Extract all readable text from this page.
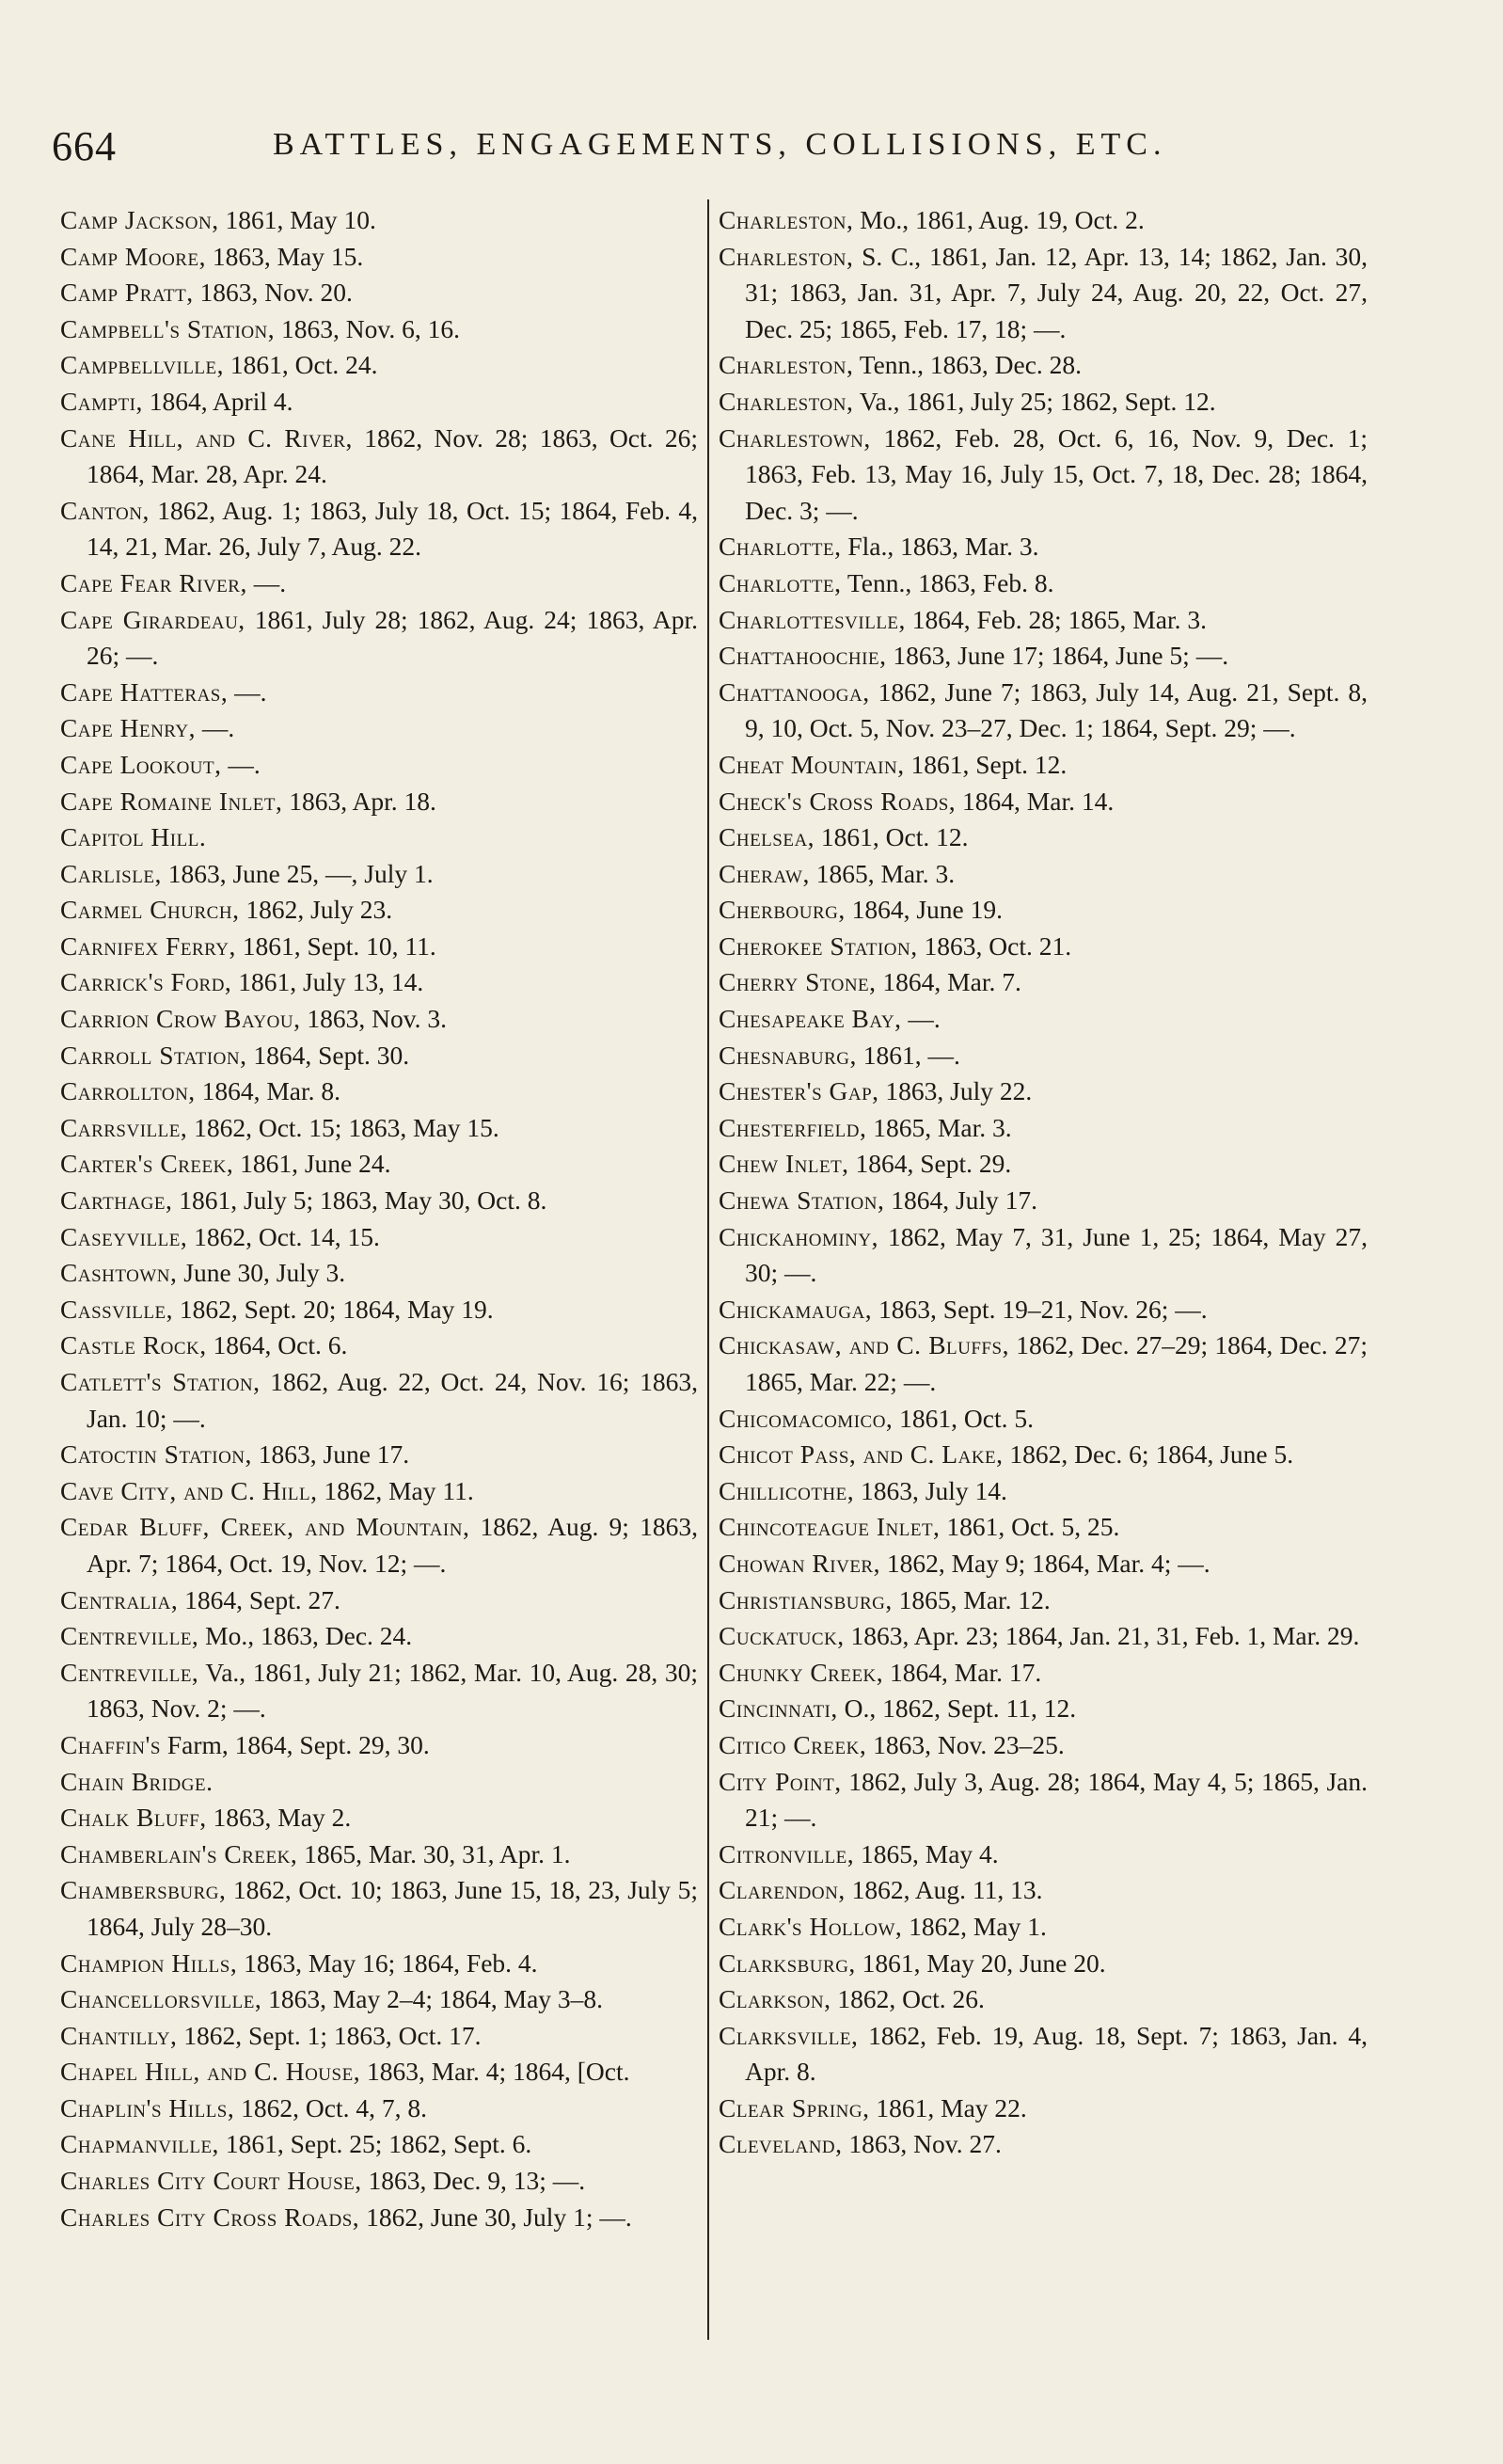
664	BATTLES, ENGAGEMENTS, COLLISIONS, ETC.
Camp Jackson, 1861, May 10.
Camp Moore, 1863, May 15.
Camp Pratt, 1863, Nov. 20.
Campbell's Station, 1863, Nov. 6, 16.
Campbellville, 1861, Oct. 24.
Campti, 1864, April 4.
Cane Hill, and C. River, 1862, Nov. 28; 1863, Oct. 26; 1864, Mar. 28, Apr. 24.
Canton, 1862, Aug. 1; 1863, July 18, Oct. 15; 1864, Feb. 4, 14, 21, Mar. 26, July 7, Aug. 22.
Cape Fear River, —.
Cape Girardeau, 1861, July 28; 1862, Aug. 24; 1863, Apr. 26; —.
Cape Hatteras, —.
Cape Henry, —.
Cape Lookout, —.
Cape Romaine Inlet, 1863, Apr. 18.
Capitol Hill.
Carlisle, 1863, June 25, —, July 1.
Carmel Church, 1862, July 23.
Carnifex Ferry, 1861, Sept. 10, 11.
Carrick's Ford, 1861, July 13, 14.
Carrion Crow Bayou, 1863, Nov. 3.
Carroll Station, 1864, Sept. 30.
Carrollton, 1864, Mar. 8.
Carrsville, 1862, Oct. 15; 1863, May 15.
Carter's Creek, 1861, June 24.
Carthage, 1861, July 5; 1863, May 30, Oct. 8.
Caseyville, 1862, Oct. 14, 15.
Cashtown, June 30, July 3.
Cassville, 1862, Sept. 20; 1864, May 19.
Castle Rock, 1864, Oct. 6.
Catlett's Station, 1862, Aug. 22, Oct. 24, Nov. 16; 1863, Jan. 10; —.
Catoctin Station, 1863, June 17.
Cave City, and C. Hill, 1862, May 11.
Cedar Bluff, Creek, and Mountain, 1862, Aug. 9; 1863, Apr. 7; 1864, Oct. 19, Nov. 12; —.
Centralia, 1864, Sept. 27.
Centreville, Mo., 1863, Dec. 24.
Centreville, Va., 1861, July 21; 1862, Mar. 10, Aug. 28, 30; 1863, Nov. 2; —.
Chaffin's Farm, 1864, Sept. 29, 30.
Chain Bridge.
Chalk Bluff, 1863, May 2.
Chamberlain's Creek, 1865, Mar. 30, 31, Apr. 1.
Chambersburg, 1862, Oct. 10; 1863, June 15, 18, 23, July 5; 1864, July 28–30.
Champion Hills, 1863, May 16; 1864, Feb. 4.
Chancellorsville, 1863, May 2–4; 1864, May 3–8.
Chantilly, 1862, Sept. 1; 1863, Oct. 17.
Chapel Hill, and C. House, 1863, Mar. 4; 1864, [Oct.
Chaplin's Hills, 1862, Oct. 4, 7, 8.
Chapmanville, 1861, Sept. 25; 1862, Sept. 6.
Charles City Court House, 1863, Dec. 9, 13; —.
Charles City Cross Roads, 1862, June 30, July 1; —.
Charleston, Mo., 1861, Aug. 19, Oct. 2.
Charleston, S. C., 1861, Jan. 12, Apr. 13, 14; 1862, Jan. 30, 31; 1863, Jan. 31, Apr. 7, July 24, Aug. 20, 22, Oct. 27, Dec. 25; 1865, Feb. 17, 18; —.
Charleston, Tenn., 1863, Dec. 28.
Charleston, Va., 1861, July 25; 1862, Sept. 12.
Charlestown, 1862, Feb. 28, Oct. 6, 16, Nov. 9, Dec. 1; 1863, Feb. 13, May 16, July 15, Oct. 7, 18, Dec. 28; 1864, Dec. 3; —.
Charlotte, Fla., 1863, Mar. 3.
Charlotte, Tenn., 1863, Feb. 8.
Charlottesville, 1864, Feb. 28; 1865, Mar. 3.
Chattahoochie, 1863, June 17; 1864, June 5; —.
Chattanooga, 1862, June 7; 1863, July 14, Aug. 21, Sept. 8, 9, 10, Oct. 5, Nov. 23–27, Dec. 1; 1864, Sept. 29; —.
Cheat Mountain, 1861, Sept. 12.
Check's Cross Roads, 1864, Mar. 14.
Chelsea, 1861, Oct. 12.
Cheraw, 1865, Mar. 3.
Cherbourg, 1864, June 19.
Cherokee Station, 1863, Oct. 21.
Cherry Stone, 1864, Mar. 7.
Chesapeake Bay, —.
Chesnaburg, 1861, —.
Chester's Gap, 1863, July 22.
Chesterfield, 1865, Mar. 3.
Chew Inlet, 1864, Sept. 29.
Chewa Station, 1864, July 17.
Chickahominy, 1862, May 7, 31, June 1, 25; 1864, May 27, 30; —.
Chickamauga, 1863, Sept. 19–21, Nov. 26; —.
Chickasaw, and C. Bluffs, 1862, Dec. 27–29; 1864, Dec. 27; 1865, Mar. 22; —.
Chicomacomico, 1861, Oct. 5.
Chicot Pass, and C. Lake, 1862, Dec. 6; 1864, June 5.
Chillicothe, 1863, July 14.
Chincoteague Inlet, 1861, Oct. 5, 25.
Chowan River, 1862, May 9; 1864, Mar. 4; —.
Christiansburg, 1865, Mar. 12.
Cuckatuck, 1863, Apr. 23; 1864, Jan. 21, 31, Feb. 1, Mar. 29.
Chunky Creek, 1864, Mar. 17.
Cincinnati, O., 1862, Sept. 11, 12.
Citico Creek, 1863, Nov. 23–25.
City Point, 1862, July 3, Aug. 28; 1864, May 4, 5; 1865, Jan. 21; —.
Citronville, 1865, May 4.
Clarendon, 1862, Aug. 11, 13.
Clark's Hollow, 1862, May 1.
Clarksburg, 1861, May 20, June 20.
Clarkson, 1862, Oct. 26.
Clarksville, 1862, Feb. 19, Aug. 18, Sept. 7; 1863, Jan. 4, Apr. 8.
Clear Spring, 1861, May 22.
Cleveland, 1863, Nov. 27.
